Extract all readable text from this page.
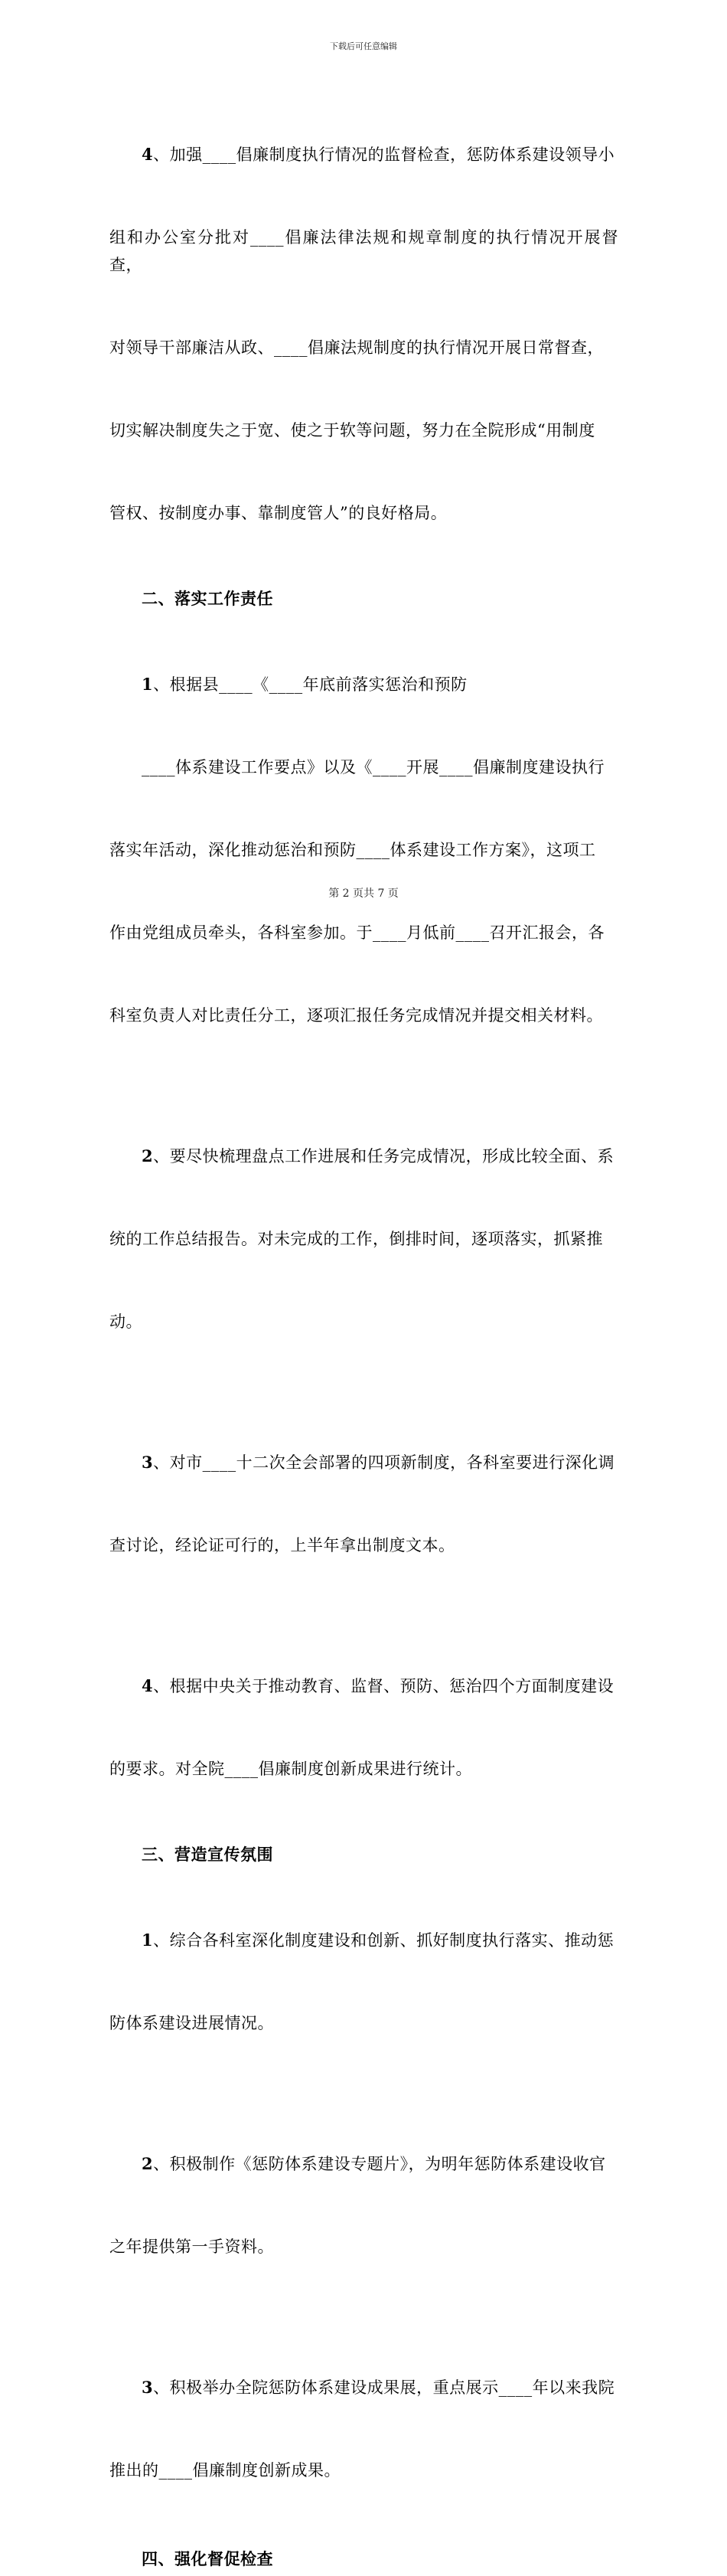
下载后可任意编辑

4、加强____倡廉制度执行情况的监督检查，惩防体系建设领导小

组和办公室分批对____倡廉法律法规和规章制度的执行情况开展督查，

对领导干部廉洁从政、____倡廉法规制度的执行情况开展日常督查，

切实解决制度失之于宽、使之于软等问题，努力在全院形成“用制度

管权、按制度办事、靠制度管人”的良好格局。

二、落实工作责任

1、根据县____《____年底前落实惩治和预防

____体系建设工作要点》以及《____开展____倡廉制度建设执行

落实年活动，深化推动惩治和预防____体系建设工作方案》，这项工

作由党组成员牵头，各科室参加。于____月低前____召开汇报会，各

科室负责人对比责任分工，逐项汇报任务完成情况并提交相关材料。

2、要尽快梳理盘点工作进展和任务完成情况，形成比较全面、系

统的工作总结报告。对未完成的工作，倒排时间，逐项落实，抓紧推

动。

3、对市____十二次全会部署的四项新制度，各科室要进行深化调

查讨论，经论证可行的，上半年拿出制度文本。

4、根据中央关于推动教育、监督、预防、惩治四个方面制度建设

的要求。对全院____倡廉制度创新成果进行统计。

三、营造宣传氛围

1、综合各科室深化制度建设和创新、抓好制度执行落实、推动惩

防体系建设进展情况。

2、积极制作《惩防体系建设专题片》，为明年惩防体系建设收官

之年提供第一手资料。

3、积极举办全院惩防体系建设成果展，重点展示____年以来我院

推出的____倡廉制度创新成果。

四、强化督促检查
第 2 页共 7 页
